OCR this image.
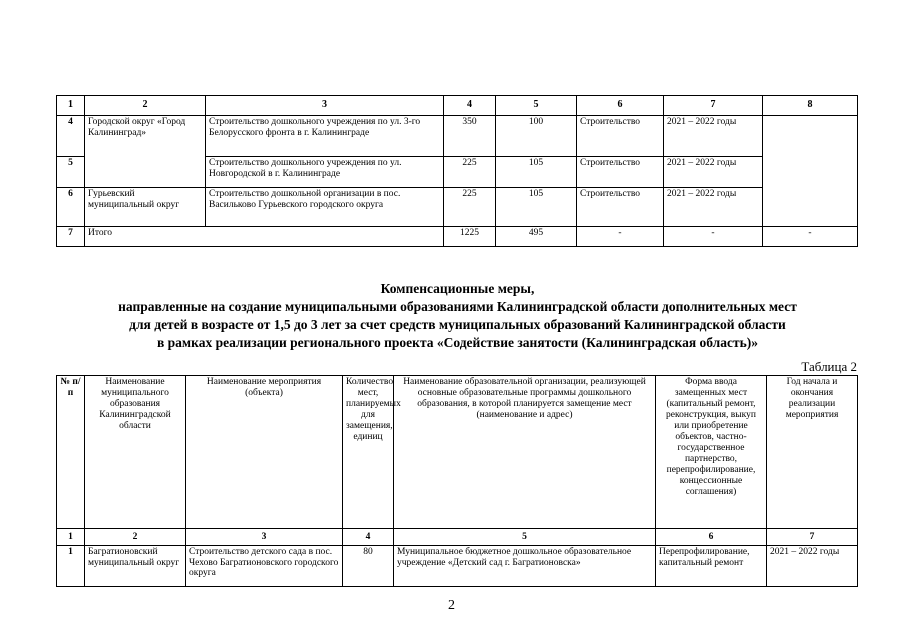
1	2	3	4	5	6	7	8
4	Городской округ «Город Калининград»	Строительство дошкольного учреждения по ул. 3-го Белорусского фронта в г. Калининграде	350	100	Строительство	2021 – 2022 годы	
5		Строительство дошкольного учреждения по ул. Новгородской в г. Калининграде	225	105	Строительство	2021 – 2022 годы	
6	Гурьевский муниципальный округ	Строительство дошкольной организации в пос. Васильково Гурьевского городского округа	225	105	Строительство	2021 – 2022 годы	
7	Итого		1225	495	-	-	-
Компенсационные меры,
направленные на создание муниципальными образованиями Калининградской области дополнительных мест
для детей в возрасте от 1,5 до 3 лет за счет средств муниципальных образований Калининградской области
в рамках реализации регионального проекта «Содействие занятости (Калининградская область)»
Таблица 2
№ п/п	Наименование муниципального образования Калининградской области	Наименование мероприятия (объекта)	Количество мест, планируемых для замещения, единиц	Наименование образовательной организации, реализующей основные образовательные программы дошкольного образования, в которой планируется замещение мест (наименование и адрес)	Форма ввода замещенных мест (капитальный ремонт, реконструкция, выкуп или приобретение объектов, частно-государственное партнерство, перепрофилирование, концессионные соглашения)	Год начала и окончания реализации мероприятия
1	2	3	4	5	6	7
1	Багратионовский муниципальный округ	Строительство детского сада в пос. Чехово Багратионовского городского округа	80	Муниципальное бюджетное дошкольное образовательное учреждение «Детский сад г. Багратионовска»	Перепрофилирование, капитальный ремонт	2021 – 2022 годы
2
